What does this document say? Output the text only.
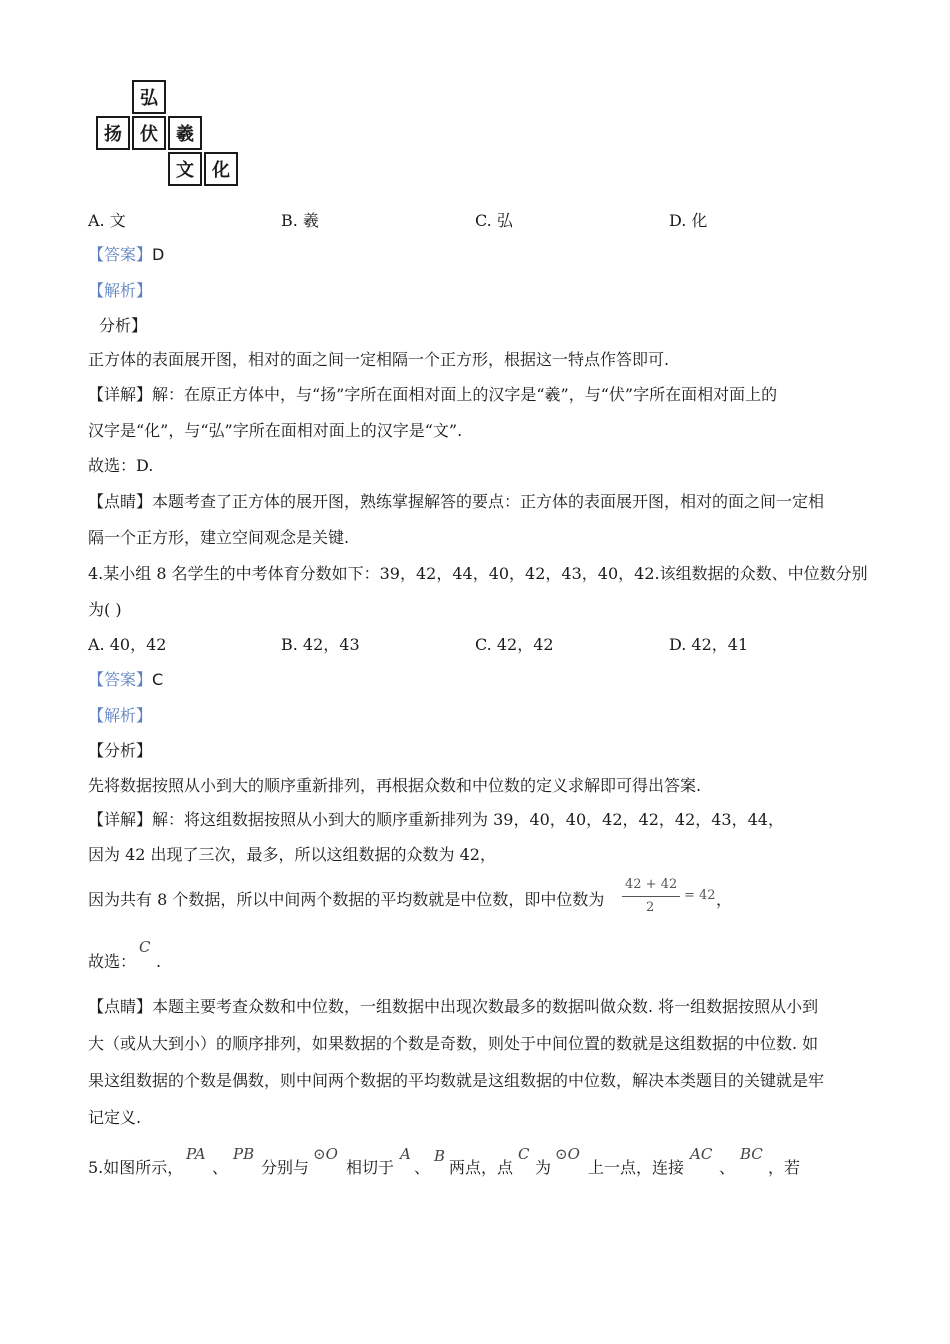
弘
扬	伏	羲
文	化
A. 文	B. 羲	C. 弘	D. 化
【答案】D
【解析】
分析】
正方体的表面展开图，相对的面之间一定相隔一个正方形，根据这一特点作答即可.
【详解】解：在原正方体中，与“扬”字所在面相对面上的汉字是“羲”，与“伏”字所在面相对面上的
汉字是“化”，与“弘”字所在面相对面上的汉字是“文”.
故选：D.
【点睛】本题考查了正方体的展开图，熟练掌握解答的要点：正方体的表面展开图，相对的面之间一定相
隔一个正方形，建立空间观念是关键.
4.某小组 8 名学生的中考体育分数如下：39，42，44，40，42，43，40，42.该组数据的众数、中位数分别
为( )
A. 40，42	B. 42，43	C. 42，42	D. 42，41
【答案】C
【解析】
【分析】
先将数据按照从小到大的顺序重新排列，再根据众数和中位数的定义求解即可得出答案.
【详解】解：将这组数据按照从小到大的顺序重新排列为 39，40，40，42，42，42，43，44，
因为 42 出现了三次，最多，所以这组数据的众数为 42，
因为共有 8 个数据，所以中间两个数据的平均数就是中位数，即中位数为
42 + 42
2
= 42 ，
故选：
C
.
【点睛】本题主要考查众数和中位数，一组数据中出现次数最多的数据叫做众数. 将一组数据按照从小到
大（或从大到小）的顺序排列，如果数据的个数是奇数，则处于中间位置的数就是这组数据的中位数. 如
果这组数据的个数是偶数，则中间两个数据的平均数就是这组数据的中位数，解决本类题目的关键就是牢
记定义.
5.如图所示，
PA
、
PB
分别与
⊙O
相切于
A
、
B
两点，点
C
为
⊙O
上一点，连接
AC
、
BC
，若
